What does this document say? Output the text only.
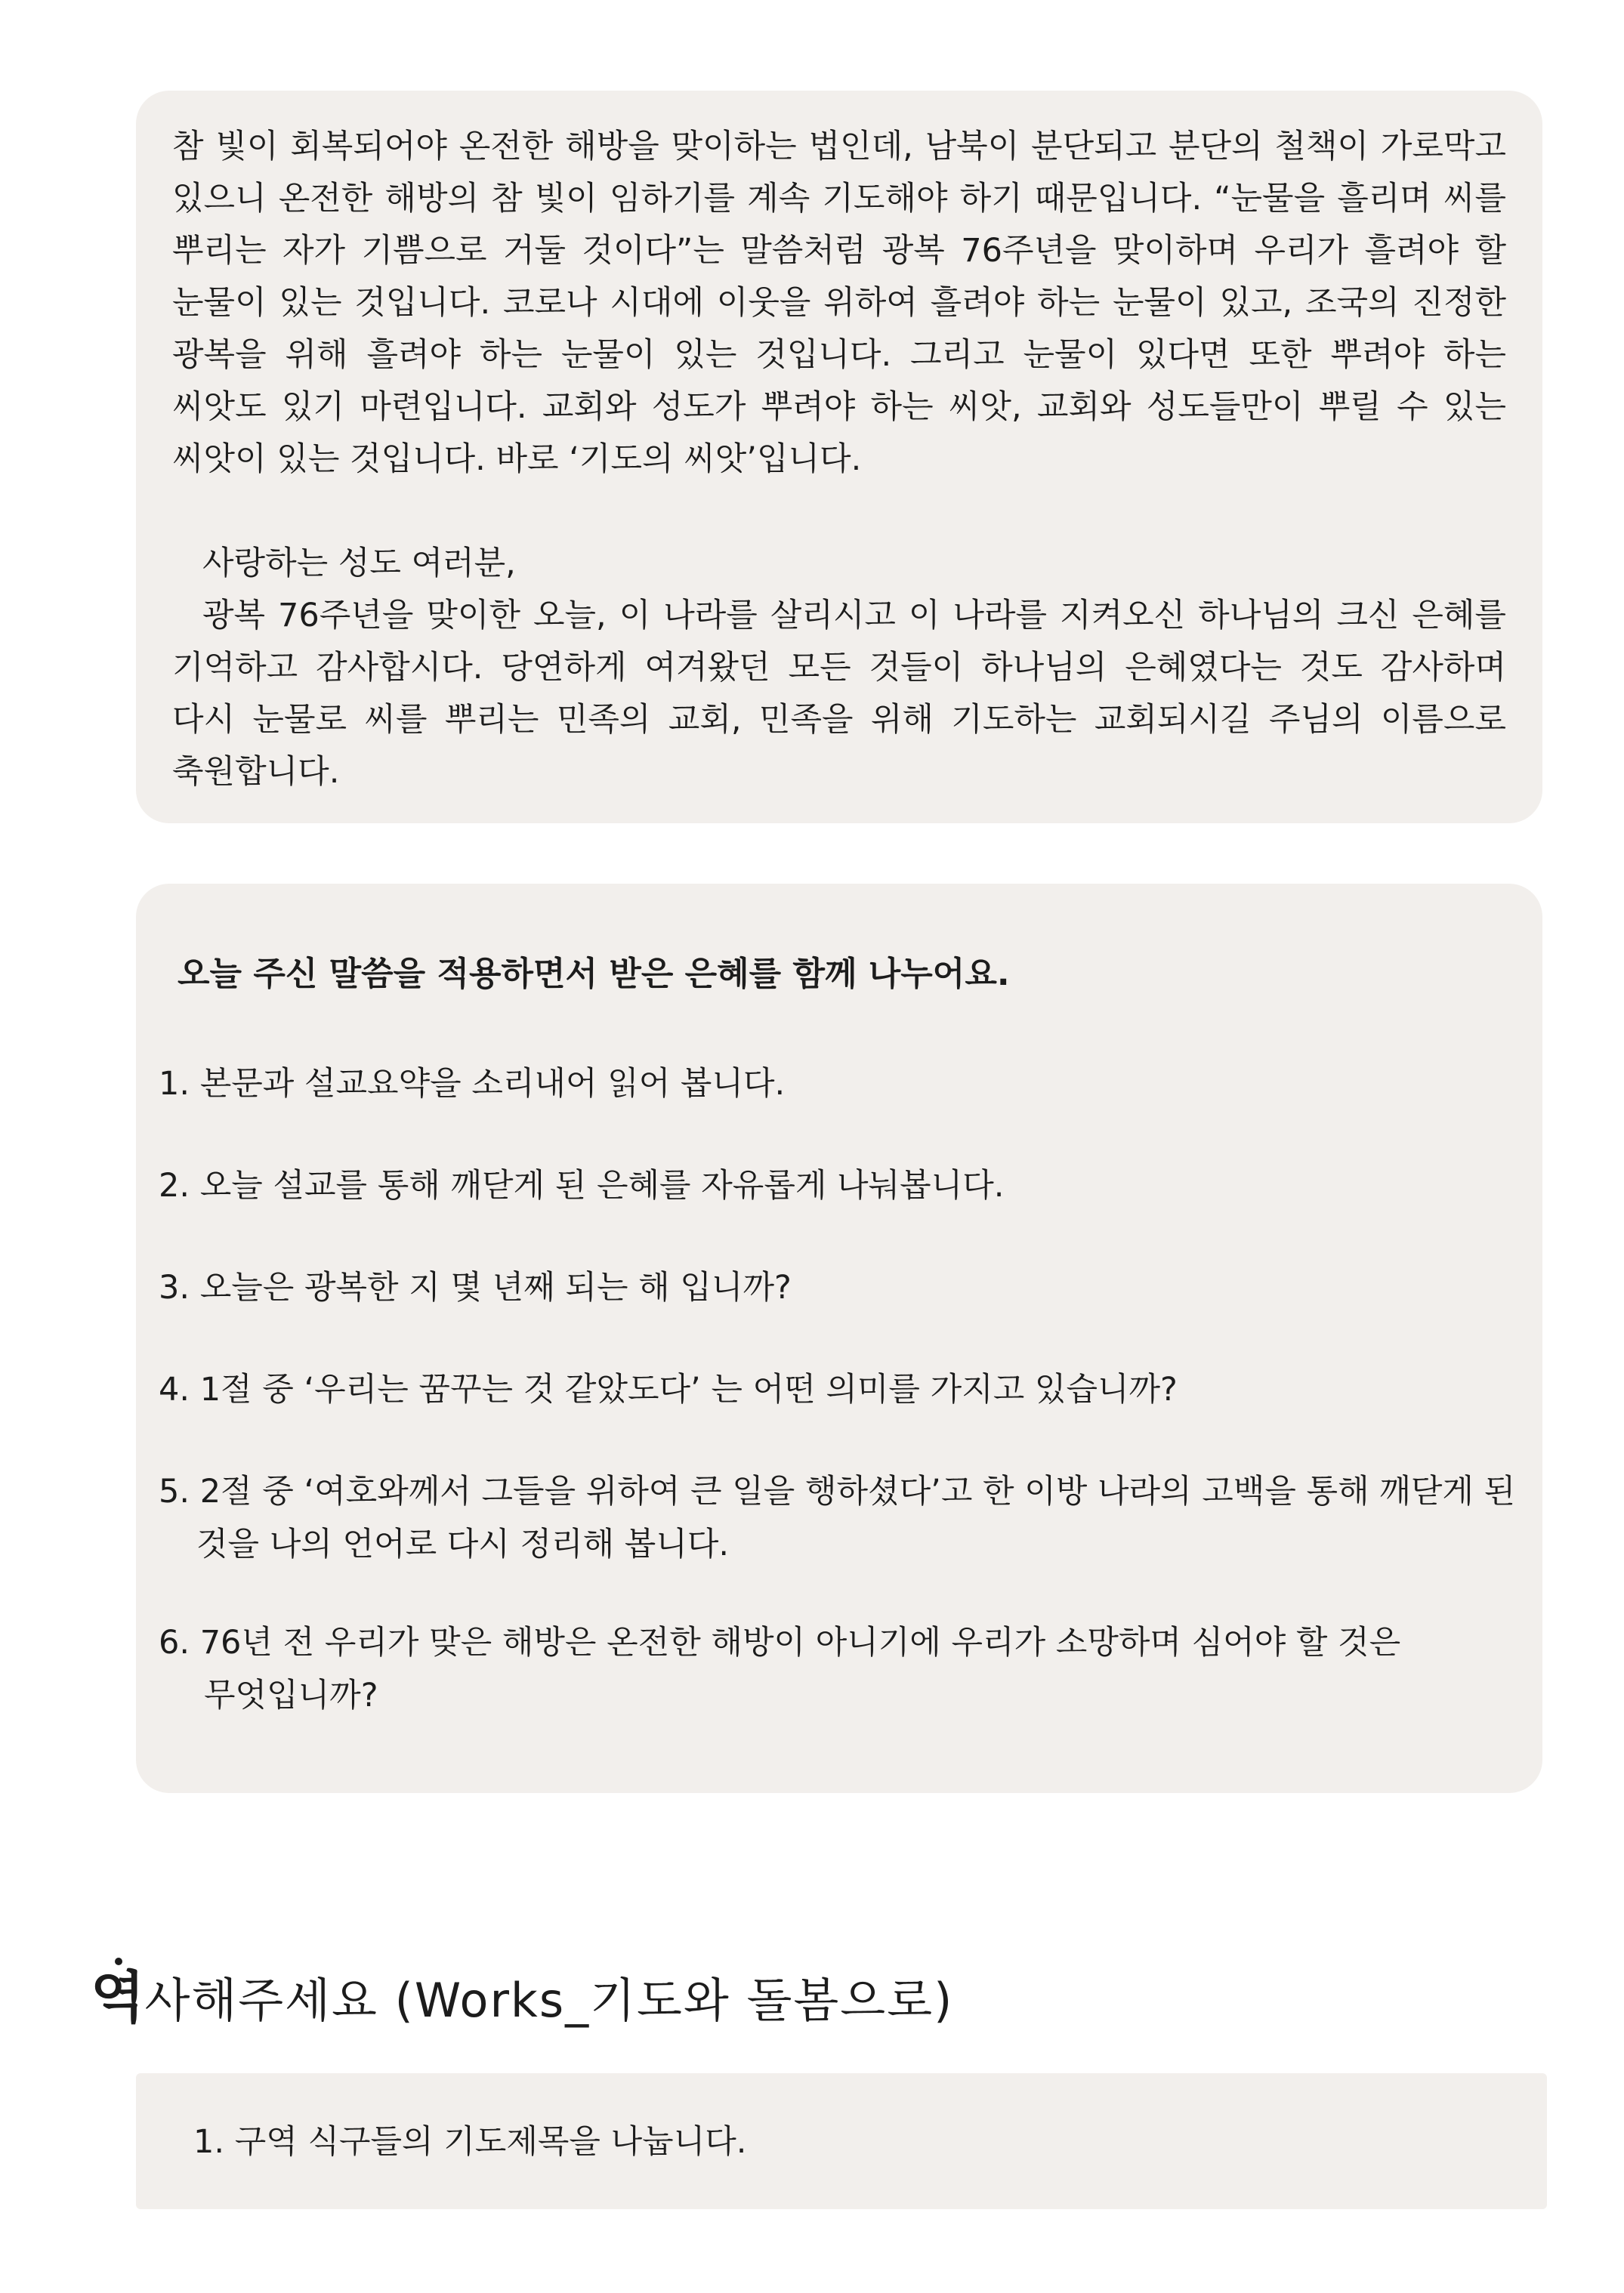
참 빛이 회복되어야 온전한 해방을 맞이하는 법인데, 남북이 분단되고 분단의 철책이 가로막고 있으니 온전한 해방의 참 빛이 임하기를 계속 기도해야 하기 때문입니다. “눈물을 흘리며 씨를 뿌리는 자가 기쁨으로 거둘 것이다”는 말씀처럼 광복 76주년을 맞이하며 우리가 흘려야 할 눈물이 있는 것입니다. 코로나 시대에 이웃을 위하여 흘려야 하는 눈물이 있고, 조국의 진정한 광복을 위해 흘려야 하는 눈물이 있는 것입니다. 그리고 눈물이 있다면 또한 뿌려야 하는 씨앗도 있기 마련입니다. 교회와 성도가 뿌려야 하는 씨앗, 교회와 성도들만이 뿌릴 수 있는 씨앗이 있는 것입니다. 바로 ‘기도의 씨앗’입니다.

사랑하는 성도 여러분,

광복 76주년을 맞이한 오늘, 이 나라를 살리시고 이 나라를 지켜오신 하나님의 크신 은혜를 기억하고 감사합시다. 당연하게 여겨왔던 모든 것들이 하나님의 은혜였다는 것도 감사하며 다시 눈물로 씨를 뿌리는 민족의 교회, 민족을 위해 기도하는 교회되시길 주님의 이름으로 축원합니다.

오늘 주신 말씀을 적용하면서 받은 은혜를 함께 나누어요.
1. 본문과 설교요약을 소리내어 읽어 봅니다.
2. 오늘 설교를 통해 깨닫게 된 은혜를 자유롭게 나눠봅니다.
3. 오늘은 광복한 지 몇 년째 되는 해 입니까?
4. 1절 중 ‘우리는 꿈꾸는 것 같았도다’ 는 어떤 의미를 가지고 있습니까?
5. 2절 중 ‘여호와께서 그들을 위하여 큰 일을 행하셨다’고 한 이방 나라의 고백을 통해 깨닫게 된
것을 나의 언어로 다시 정리해 봅니다.
6. 76년 전 우리가 맞은 해방은 온전한 해방이 아니기에 우리가 소망하며 심어야 할 것은
무엇입니까?
역사해주세요 (Works_기도와 돌봄으로)
1. 구역 식구들의 기도제목을 나눕니다.
